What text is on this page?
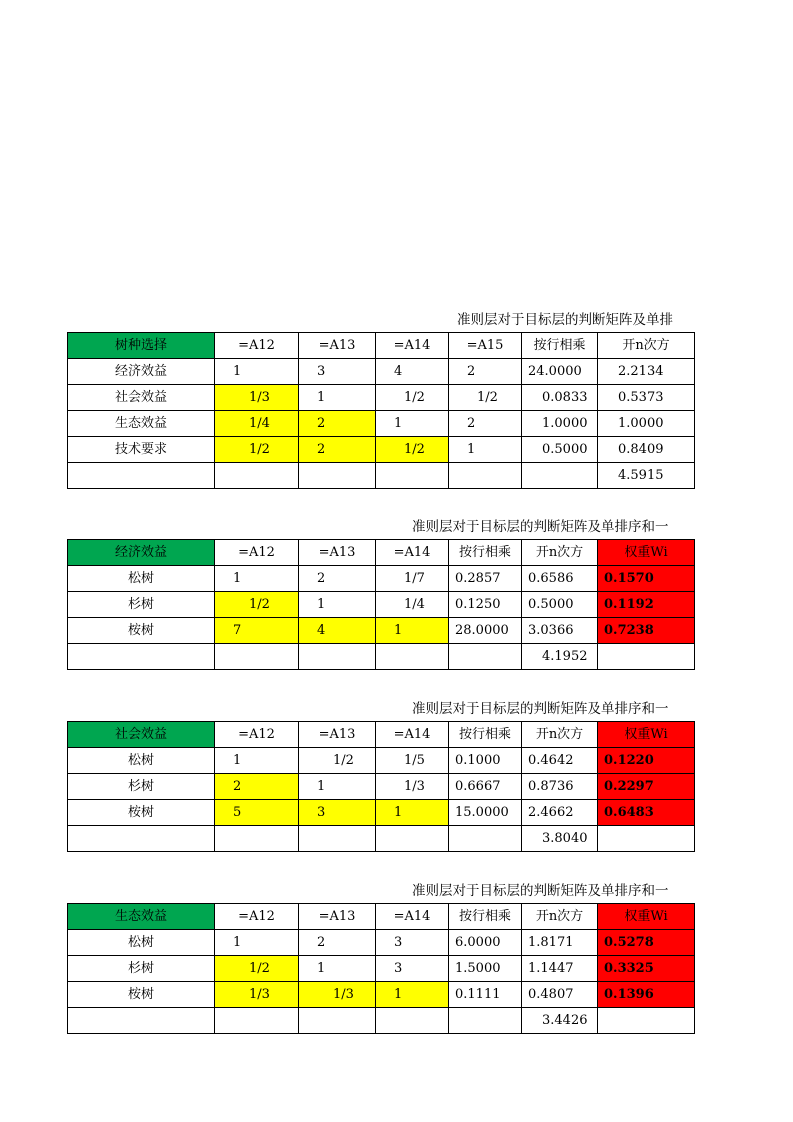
准则层对于目标层的判断矩阵及单排
树种选择	=A12	=A13	=A14	=A15	按行相乘	开n次方
经济效益	1	3	4	2	24.0000	2.2134
社会效益	1/3	1	1/2	1/2	0.0833	0.5373
生态效益	1/4	2	1	2	1.0000	1.0000
技术要求	1/2	2	1/2	1	0.5000	0.8409
						4.5915
准则层对于目标层的判断矩阵及单排序和一
经济效益	=A12	=A13	=A14	按行相乘	开n次方	权重Wi
松树	1	2	1/7	0.2857	0.6586	0.1570
杉树	1/2	1	1/4	0.1250	0.5000	0.1192
桉树	7	4	1	28.0000	3.0366	0.7238
					4.1952	
准则层对于目标层的判断矩阵及单排序和一
社会效益	=A12	=A13	=A14	按行相乘	开n次方	权重Wi
松树	1	1/2	1/5	0.1000	0.4642	0.1220
杉树	2	1	1/3	0.6667	0.8736	0.2297
桉树	5	3	1	15.0000	2.4662	0.6483
					3.8040	
准则层对于目标层的判断矩阵及单排序和一
生态效益	=A12	=A13	=A14	按行相乘	开n次方	权重Wi
松树	1	2	3	6.0000	1.8171	0.5278
杉树	1/2	1	3	1.5000	1.1447	0.3325
桉树	1/3	1/3	1	0.1111	0.4807	0.1396
					3.4426	
